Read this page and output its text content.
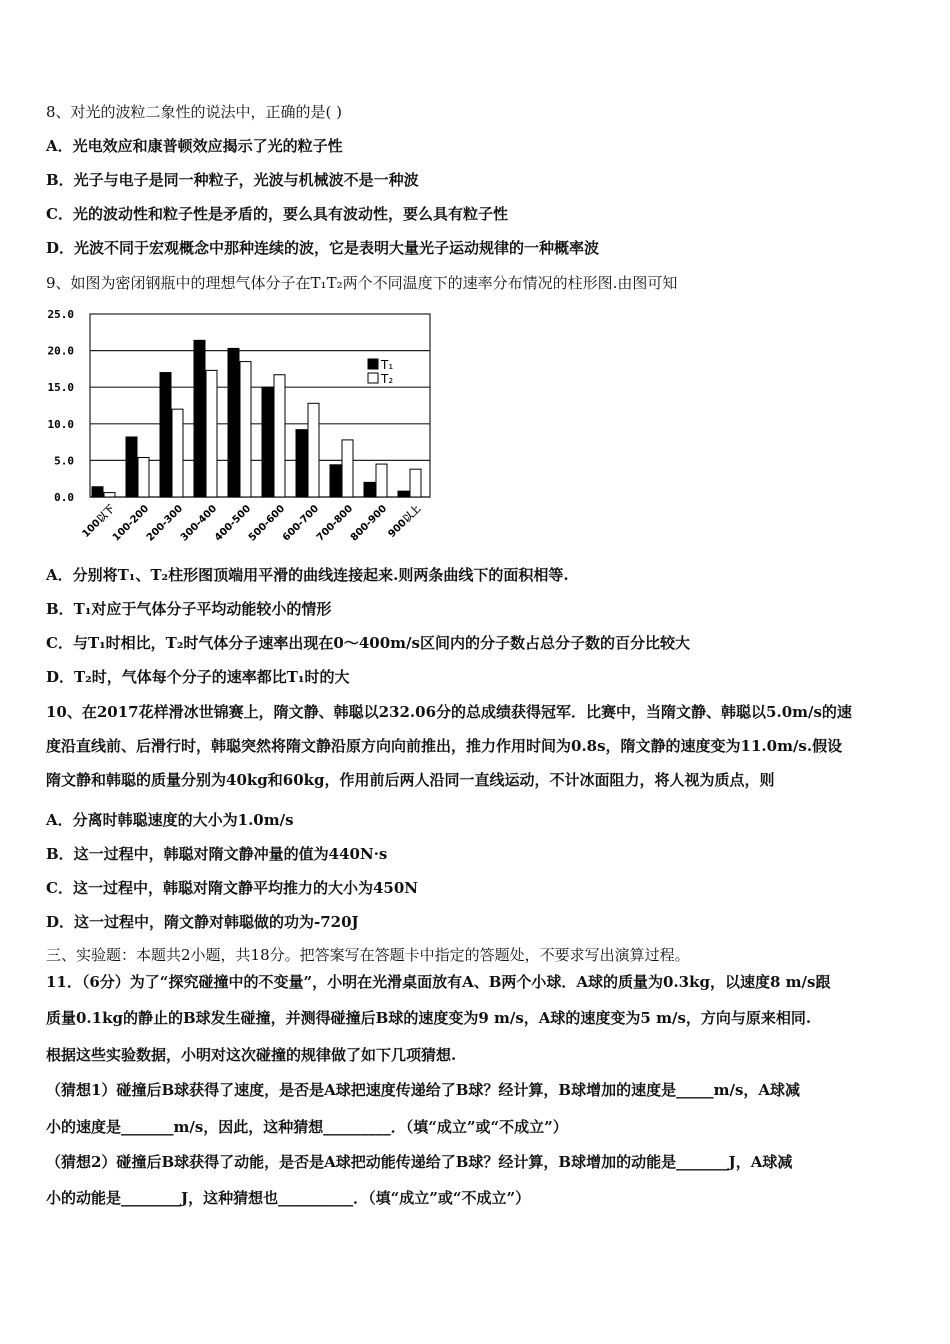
8、对光的波粒二象性的说法中，正确的是( )
A．光电效应和康普顿效应揭示了光的粒子性
B．光子与电子是同一种粒子，光波与机械波不是一种波
C．光的波动性和粒子性是矛盾的，要么具有波动性，要么具有粒子性
D．光波不同于宏观概念中那种连续的波，它是表明大量光子运动规律的一种概率波
9、如图为密闭钢瓶中的理想气体分子在T₁T₂两个不同温度下的速率分布情况的柱形图.由图可知
0.0
5.0
10.0
15.0
20.0
25.0
100以下
100-200
200-300
300-400
400-500
500-600
600-700
700-800
800-900
900以上
T₁
T₂
A．分别将T₁、T₂柱形图顶端用平滑的曲线连接起来.则两条曲线下的面积相等.
B．T₁对应于气体分子平均动能较小的情形
C．与T₁时相比，T₂时气体分子速率出现在0～400m/s区间内的分子数占总分子数的百分比较大
D．T₂时，气体每个分子的速率都比T₁时的大
10、在2017花样滑冰世锦赛上，隋文静、韩聪以232.06分的总成绩获得冠军．比赛中，当隋文静、韩聪以5.0m/s的速
度沿直线前、后滑行时，韩聪突然将隋文静沿原方向向前推出，推力作用时间为0.8s，隋文静的速度变为11.0m/s.假设
隋文静和韩聪的质量分别为40kg和60kg，作用前后两人沿同一直线运动，不计冰面阻力，将人视为质点，则
A．分离时韩聪速度的大小为1.0m/s
B．这一过程中，韩聪对隋文静冲量的值为440N·s
C．这一过程中，韩聪对隋文静平均推力的大小为450N
D．这一过程中，隋文静对韩聪做的功为-720J
三、实验题：本题共2小题，共18分。把答案写在答题卡中指定的答题处，不要求写出演算过程。
11．（6分）为了“探究碰撞中的不变量”，小明在光滑桌面放有A、B两个小球．A球的质量为0.3kg，以速度8 m/s跟
质量0.1kg的静止的B球发生碰撞，并测得碰撞后B球的速度变为9 m/s，A球的速度变为5 m/s，方向与原来相同.
根据这些实验数据，小明对这次碰撞的规律做了如下几项猜想.
（猜想1）碰撞后B球获得了速度，是否是A球把速度传递给了B球？经计算，B球增加的速度是_____m/s，A球减
小的速度是_______m/s，因此，这种猜想_________．（填“成立”或“不成立”）
（猜想2）碰撞后B球获得了动能，是否是A球把动能传递给了B球？经计算，B球增加的动能是_______J，A球减
小的动能是________J，这种猜想也__________．（填“成立”或“不成立”）
